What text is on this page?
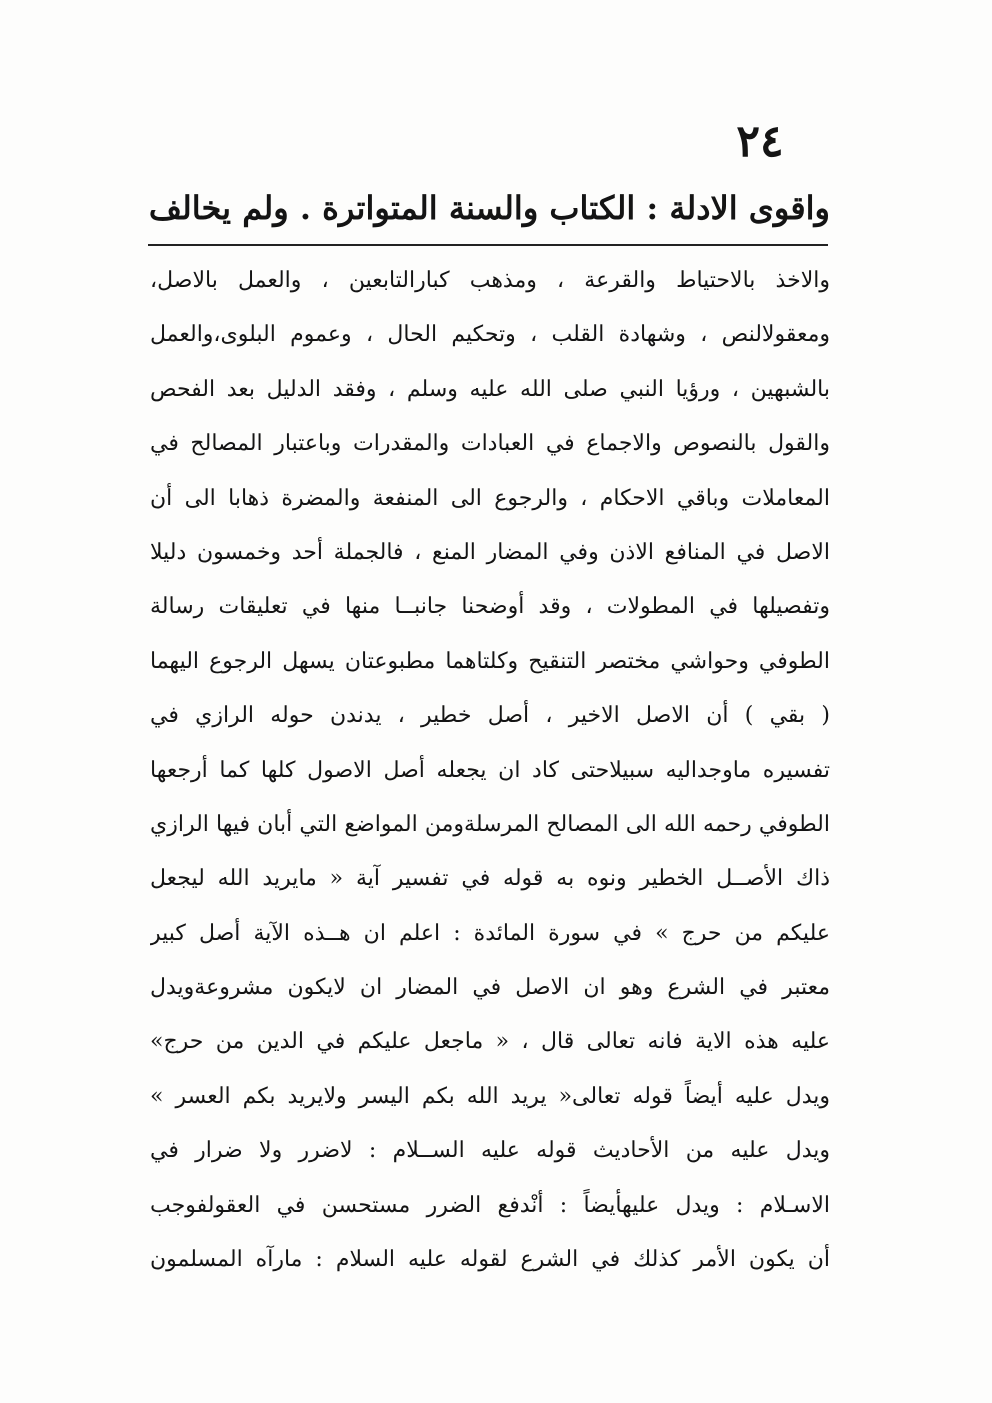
٢٤
واقوى الادلة : الكتاب والسنة المتواترة . ولم يخالف
والاخذ بالاحتياط والقرعة ، ومذهب كبارالتابعين ، والعمل بالاصل،
ومعقولالنص ، وشهادة القلب ، وتحكيم الحال ، وعموم البلوى،والعمل
بالشبهين ، ورؤيا النبي صلى الله عليه وسلم ، وفقد الدليل بعد الفحص
والقول بالنصوص والاجماع في العبادات والمقدرات وباعتبار المصالح في
المعاملات وباقي الاحكام ، والرجوع الى المنفعة والمضرة ذهابا الى أن
الاصل في المنافع الاذن وفي المضار المنع ، فالجملة أحد وخمسون دليلا
وتفصيلها في المطولات ، وقد أوضحنا جانبــا منها في تعليقات رسالة
الطوفي وحواشي مختصر التنقيح وكلتاهما مطبوعتان يسهل الرجوع اليهما
( بقي ) أن الاصل الاخير ، أصل خطير ، يدندن حوله الرازي في
تفسيره ماوجداليه سبيلاحتى كاد ان يجعله أصل الاصول كلها كما أرجعها
الطوفي رحمه الله الى المصالح المرسلةومن المواضع التي أبان فيها الرازي
ذاك الأصــل الخطير ونوه به قوله في تفسير آية « مايريد الله ليجعل
عليكم من حرج » في سورة المائدة : اعلم ان هــذه الآية أصل كبير
معتبر في الشرع وهو ان الاصل في المضار ان لايكون مشروعةويدل
عليه هذه الاية فانه تعالى قال ، « ماجعل عليكم في الدين من حرج»
ويدل عليه أيضاً قوله تعالى« يريد الله بكم اليسر ولايريد بكم العسر »
ويدل عليه من الأحاديث قوله عليه الســلام : لاضرر ولا ضرار في
الاسـلام : ويدل عليهأيضاً : أنْدفع الضرر مستحسن في العقولفوجب
أن يكون الأمر كذلك في الشرع لقوله عليه السلام : مارآه المسلمون
